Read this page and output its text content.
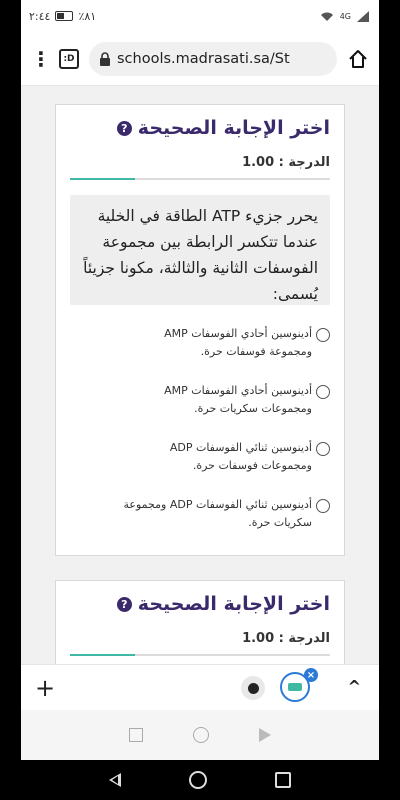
٢:٤٤	٪٨١	4G
⋮ :D	schools.madrasati.sa/St
اختر الإجابة الصحيحة
?
الدرجة : 1.00
يحرر جزيء ATP الطاقة في الخلية عندما تتكسر الرابطة بين مجموعة الفوسفات الثانية والثالثة، مكونا جزيئاً يُسمى:
أدينوسين أحادي الفوسفات AMP ومجموعة فوسفات حرة.
أدينوسين أحادي الفوسفات AMP ومجموعات سكريات حرة.
أدينوسين ثنائي الفوسفات ADP ومجموعات فوسفات حرة.
أدينوسين ثنائي الفوسفات ADP ومجموعة سكريات حرة.
اختر الإجابة الصحيحة
?
الدرجة : 1.00
+	×
^
